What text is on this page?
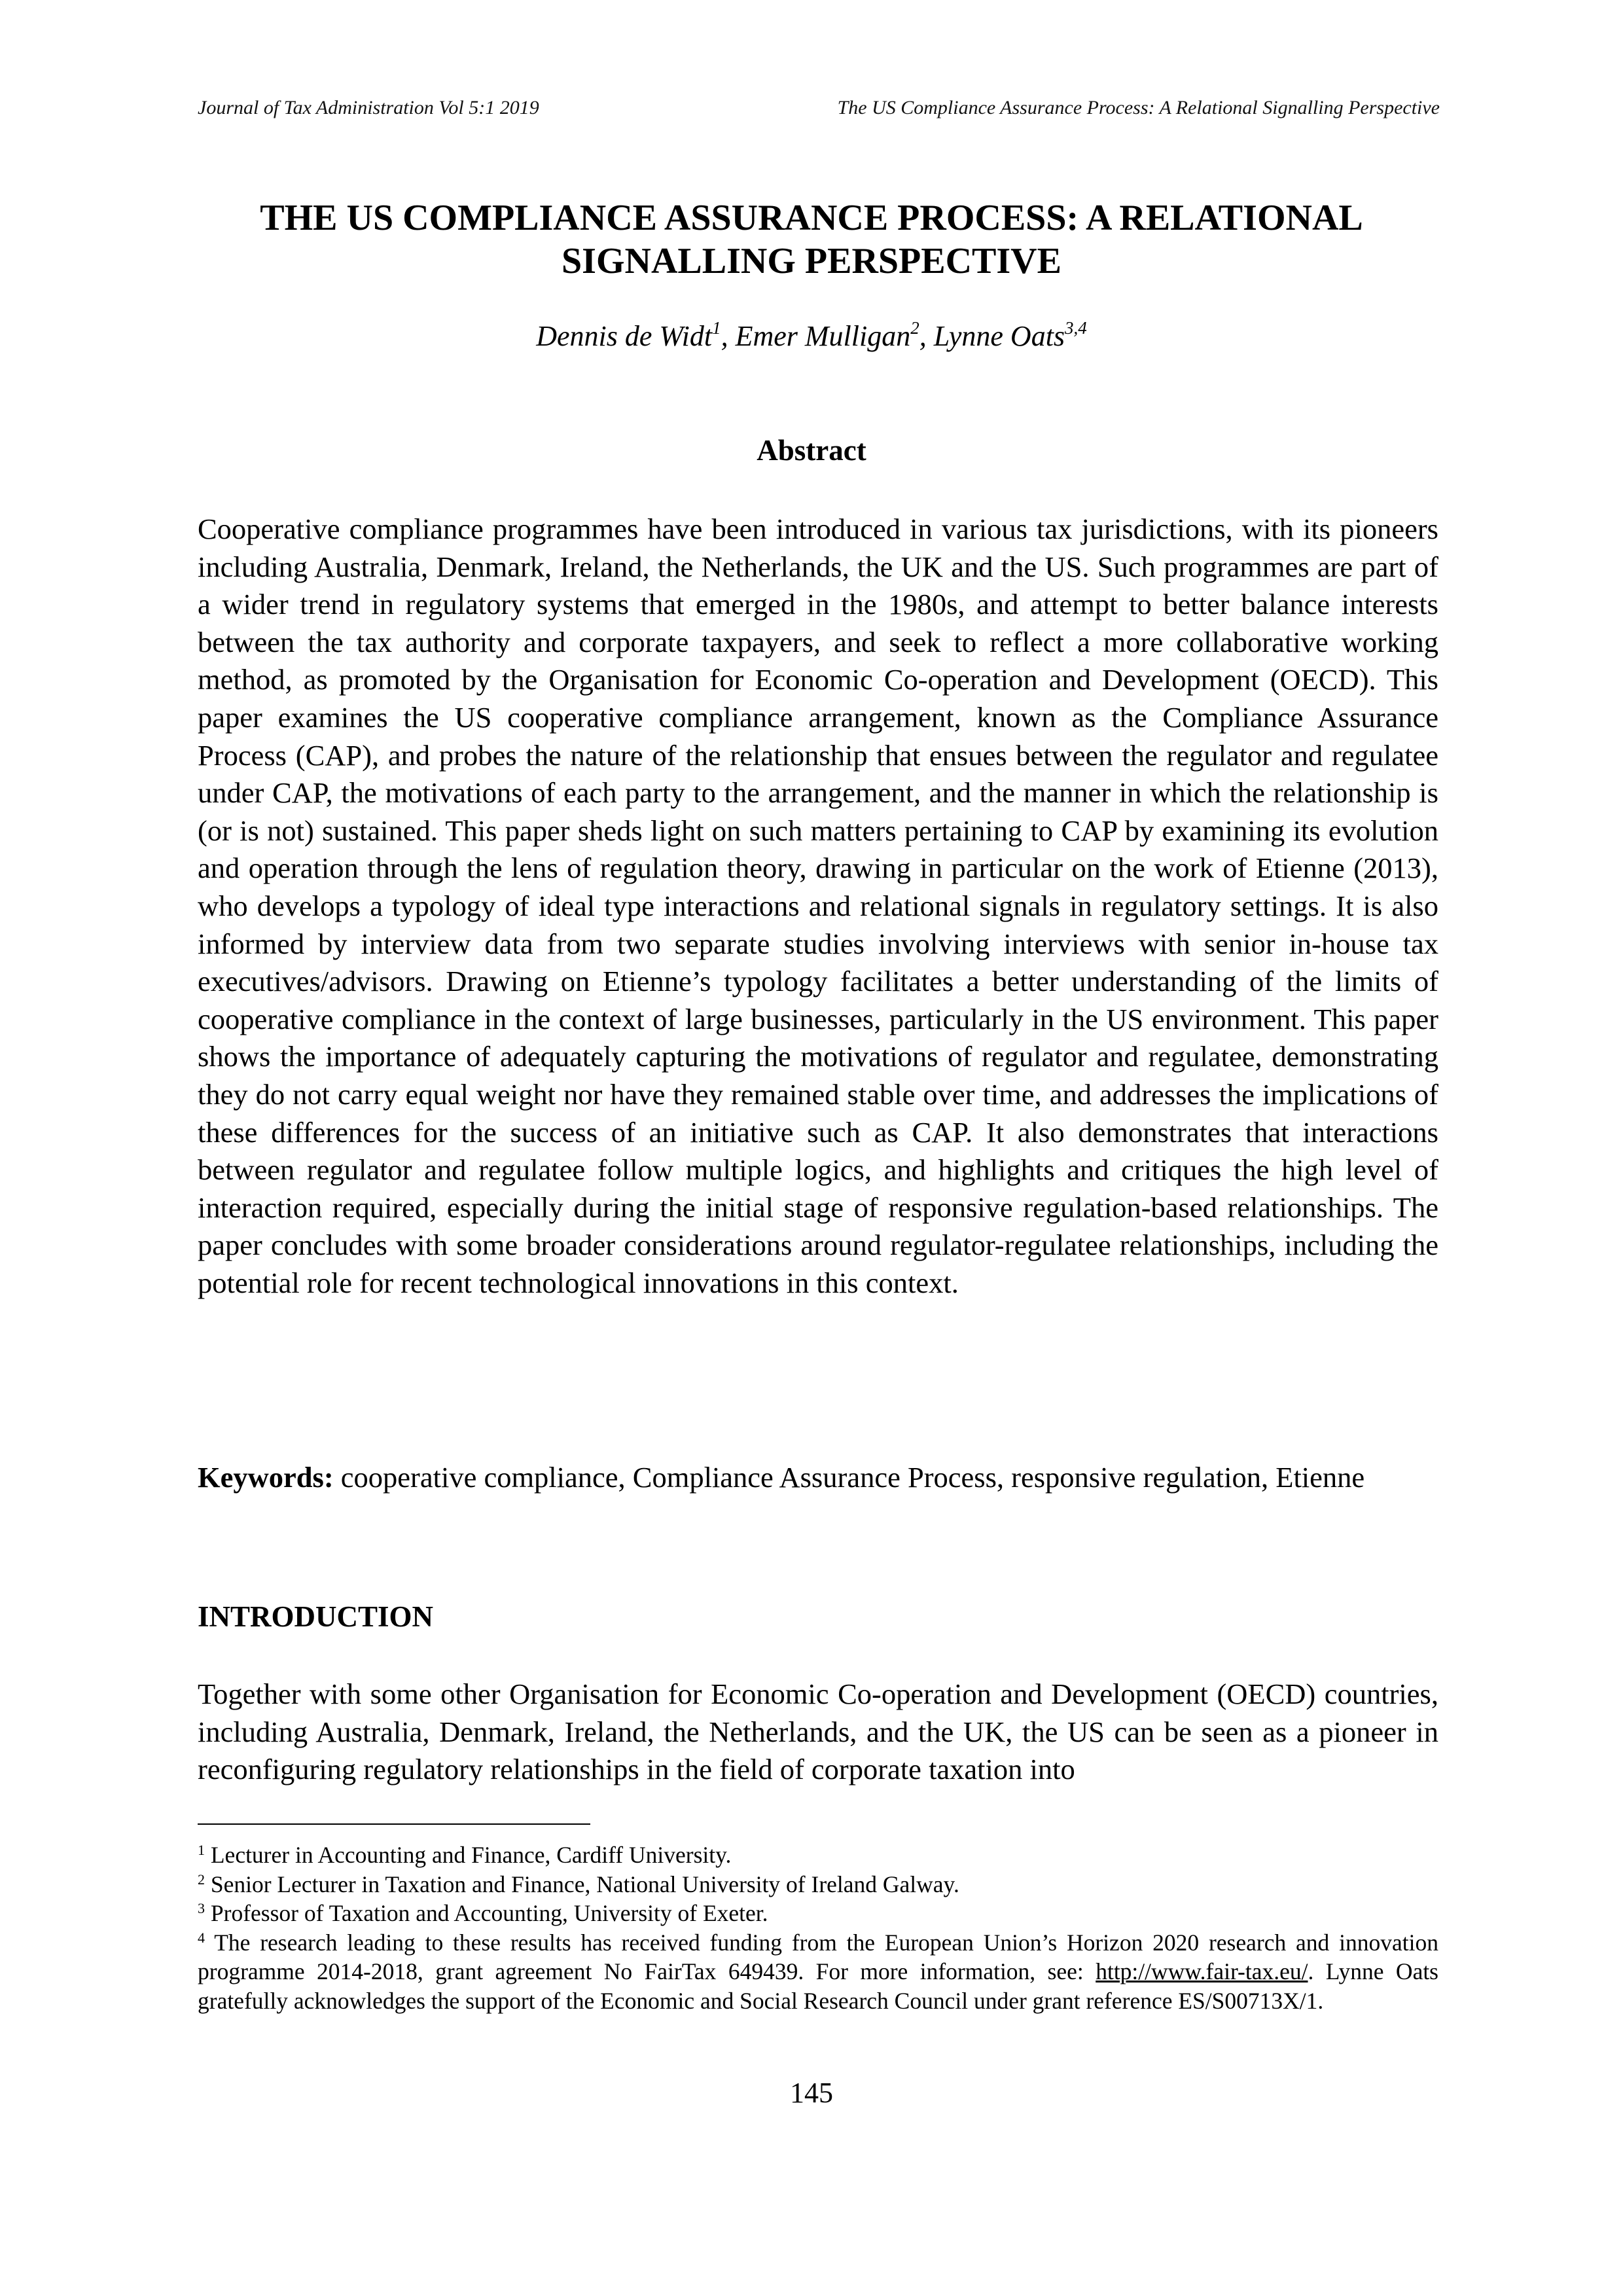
Journal of Tax Administration Vol 5:1 2019	The US Compliance Assurance Process: A Relational Signalling Perspective
THE US COMPLIANCE ASSURANCE PROCESS: A RELATIONAL SIGNALLING PERSPECTIVE
Dennis de Widt$^1$, Emer Mulligan$^2$, Lynne Oats$^{3,4}$
Abstract

Cooperative compliance programmes have been introduced in various tax jurisdictions, with its pioneers including Australia, Denmark, Ireland, the Netherlands, the UK and the US. Such programmes are part of a wider trend in regulatory systems that emerged in the 1980s, and attempt to better balance interests between the tax authority and corporate taxpayers, and seek to reflect a more collaborative working method, as promoted by the Organisation for Economic Co-operation and Development (OECD). This paper examines the US cooperative compliance arrangement, known as the Compliance Assurance Process (CAP), and probes the nature of the relationship that ensues between the regulator and regulatee under CAP, the motivations of each party to the arrangement, and the manner in which the relationship is (or is not) sustained. This paper sheds light on such matters pertaining to CAP by examining its evolution and operation through the lens of regulation theory, drawing in particular on the work of Etienne (2013), who develops a typology of ideal type interactions and relational signals in regulatory settings. It is also informed by interview data from two separate studies involving interviews with senior in-house tax executives/advisors. Drawing on Etienne’s typology facilitates a better understanding of the limits of cooperative compliance in the context of large businesses, particularly in the US environment. This paper shows the importance of adequately capturing the motivations of regulator and regulatee, demonstrating they do not carry equal weight nor have they remained stable over time, and addresses the implications of these differences for the success of an initiative such as CAP. It also demonstrates that interactions between regulator and regulatee follow multiple logics, and highlights and critiques the high level of interaction required, especially during the initial stage of responsive regulation-based relationships. The paper concludes with some broader considerations around regulator-regulatee relationships, including the potential role for recent technological innovations in this context.

Keywords: cooperative compliance, Compliance Assurance Process, responsive regulation, Etienne

INTRODUCTION

Together with some other Organisation for Economic Co-operation and Development (OECD) countries, including Australia, Denmark, Ireland, the Netherlands, and the UK, the US can be seen as a pioneer in reconfiguring regulatory relationships in the field of corporate taxation into

$^1$ Lecturer in Accounting and Finance, Cardiff University.
$^2$ Senior Lecturer in Taxation and Finance, National University of Ireland Galway.
$^3$ Professor of Taxation and Accounting, University of Exeter.
$^4$ The research leading to these results has received funding from the European Union’s Horizon 2020 research and innovation programme 2014-2018, grant agreement No FairTax 649439. For more information, see: http://www.fair-tax.eu/. Lynne Oats gratefully acknowledges the support of the Economic and Social Research Council under grant reference ES/S00713X/1.
145
